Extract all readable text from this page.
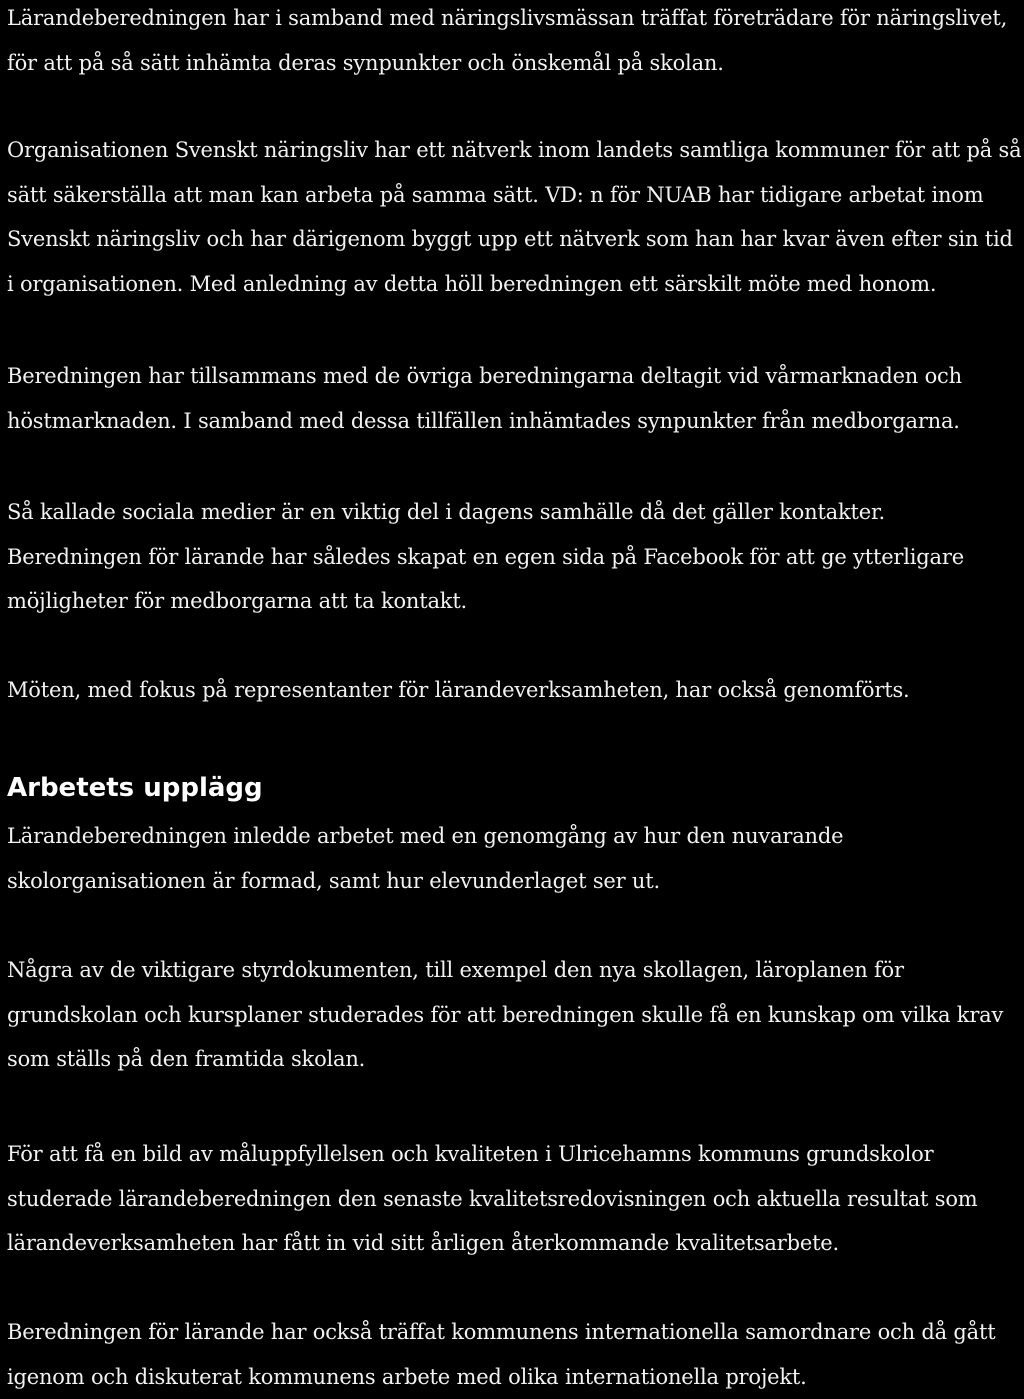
Lärandeberedningen har i samband med näringslivsmässan träffat företrädare för näringslivet, för att på så sätt inhämta deras synpunkter och önskemål på skolan.

Organisationen Svenskt näringsliv har ett nätverk inom landets samtliga kommuner för att på så sätt säkerställa att man kan arbeta på samma sätt. VD: n för NUAB har tidigare arbetat inom Svenskt näringsliv och har därigenom byggt upp ett nätverk som han har kvar även efter sin tid i organisationen. Med anledning av detta höll beredningen ett särskilt möte med honom.

Beredningen har tillsammans med de övriga beredningarna deltagit vid vårmarknaden och höstmarknaden. I samband med dessa tillfällen inhämtades synpunkter från medborgarna.

Så kallade sociala medier är en viktig del i dagens samhälle då det gäller kontakter. Beredningen för lärande har således skapat en egen sida på Facebook för att ge ytterligare möjligheter för medborgarna att ta kontakt.

Möten, med fokus på representanter för lärandeverksamheten, har också genomförts.

Arbetets upplägg

Lärandeberedningen inledde arbetet med en genomgång av hur den nuvarande skolorganisationen är formad, samt hur elevunderlaget ser ut.

Några av de viktigare styrdokumenten, till exempel den nya skollagen, läroplanen för grundskolan och kursplaner studerades för att beredningen skulle få en kunskap om vilka krav som ställs på den framtida skolan.

För att få en bild av måluppfyllelsen och kvaliteten i Ulricehamns kommuns grundskolor studerade lärandeberedningen den senaste kvalitetsredovisningen och aktuella resultat som lärandeverksamheten har fått in vid sitt årligen återkommande kvalitetsarbete.

Beredningen för lärande har också träffat kommunens internationella samordnare och då gått igenom och diskuterat kommunens arbete med olika internationella projekt.
